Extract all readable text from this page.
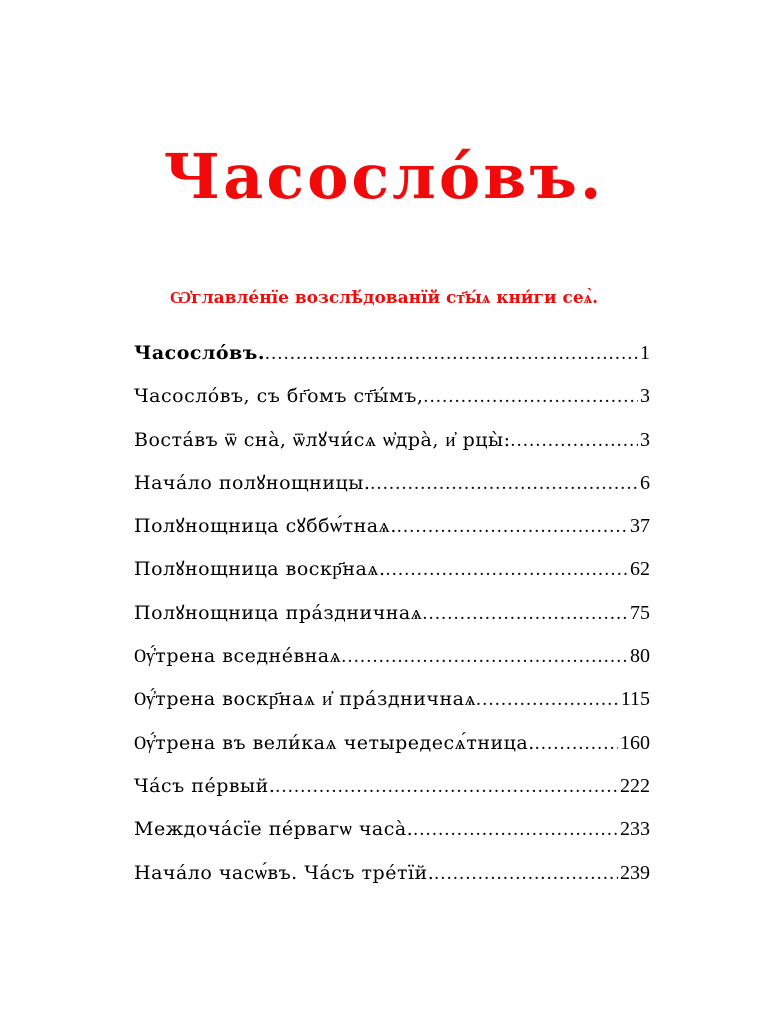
Часосло́въ.
Ѡ҆главле́нїе возслѣ́дованїй ст҃ы́ѧ кни́ги сеѧ̀.
Часосло́въ. .....	1
Часосло́въ, съ бг҃омъ ст҃ы́мъ, .....	3
Воста́въ ѿ сна̀, ѿлꙋчи́сѧ ѡ҆дра̀, и҆ рцы̀: .....	3
Нача́ло полꙋнощницы. .....	6
Полꙋнощница сꙋббѡ́тнаѧ. .....	37
Полꙋнощница воскр҃наѧ. .....	62
Полꙋнощница пра́здничнаѧ .....	75
Ѹ҆́трена вседне́внаѧ .....	80
Ѹ҆́трена воскр҃наѧ и҆ пра́здничнаѧ .....	115
Ѹ҆́трена въ вели́каѧ четыредесѧ́тница. .....	160
Ча́съ пе́рвый. .....	222
Междоча́сїе пе́рвагѡ часа̀. .....	233
Нача́ло часѡ́въ. Ча́съ тре́тїй. .....	239
